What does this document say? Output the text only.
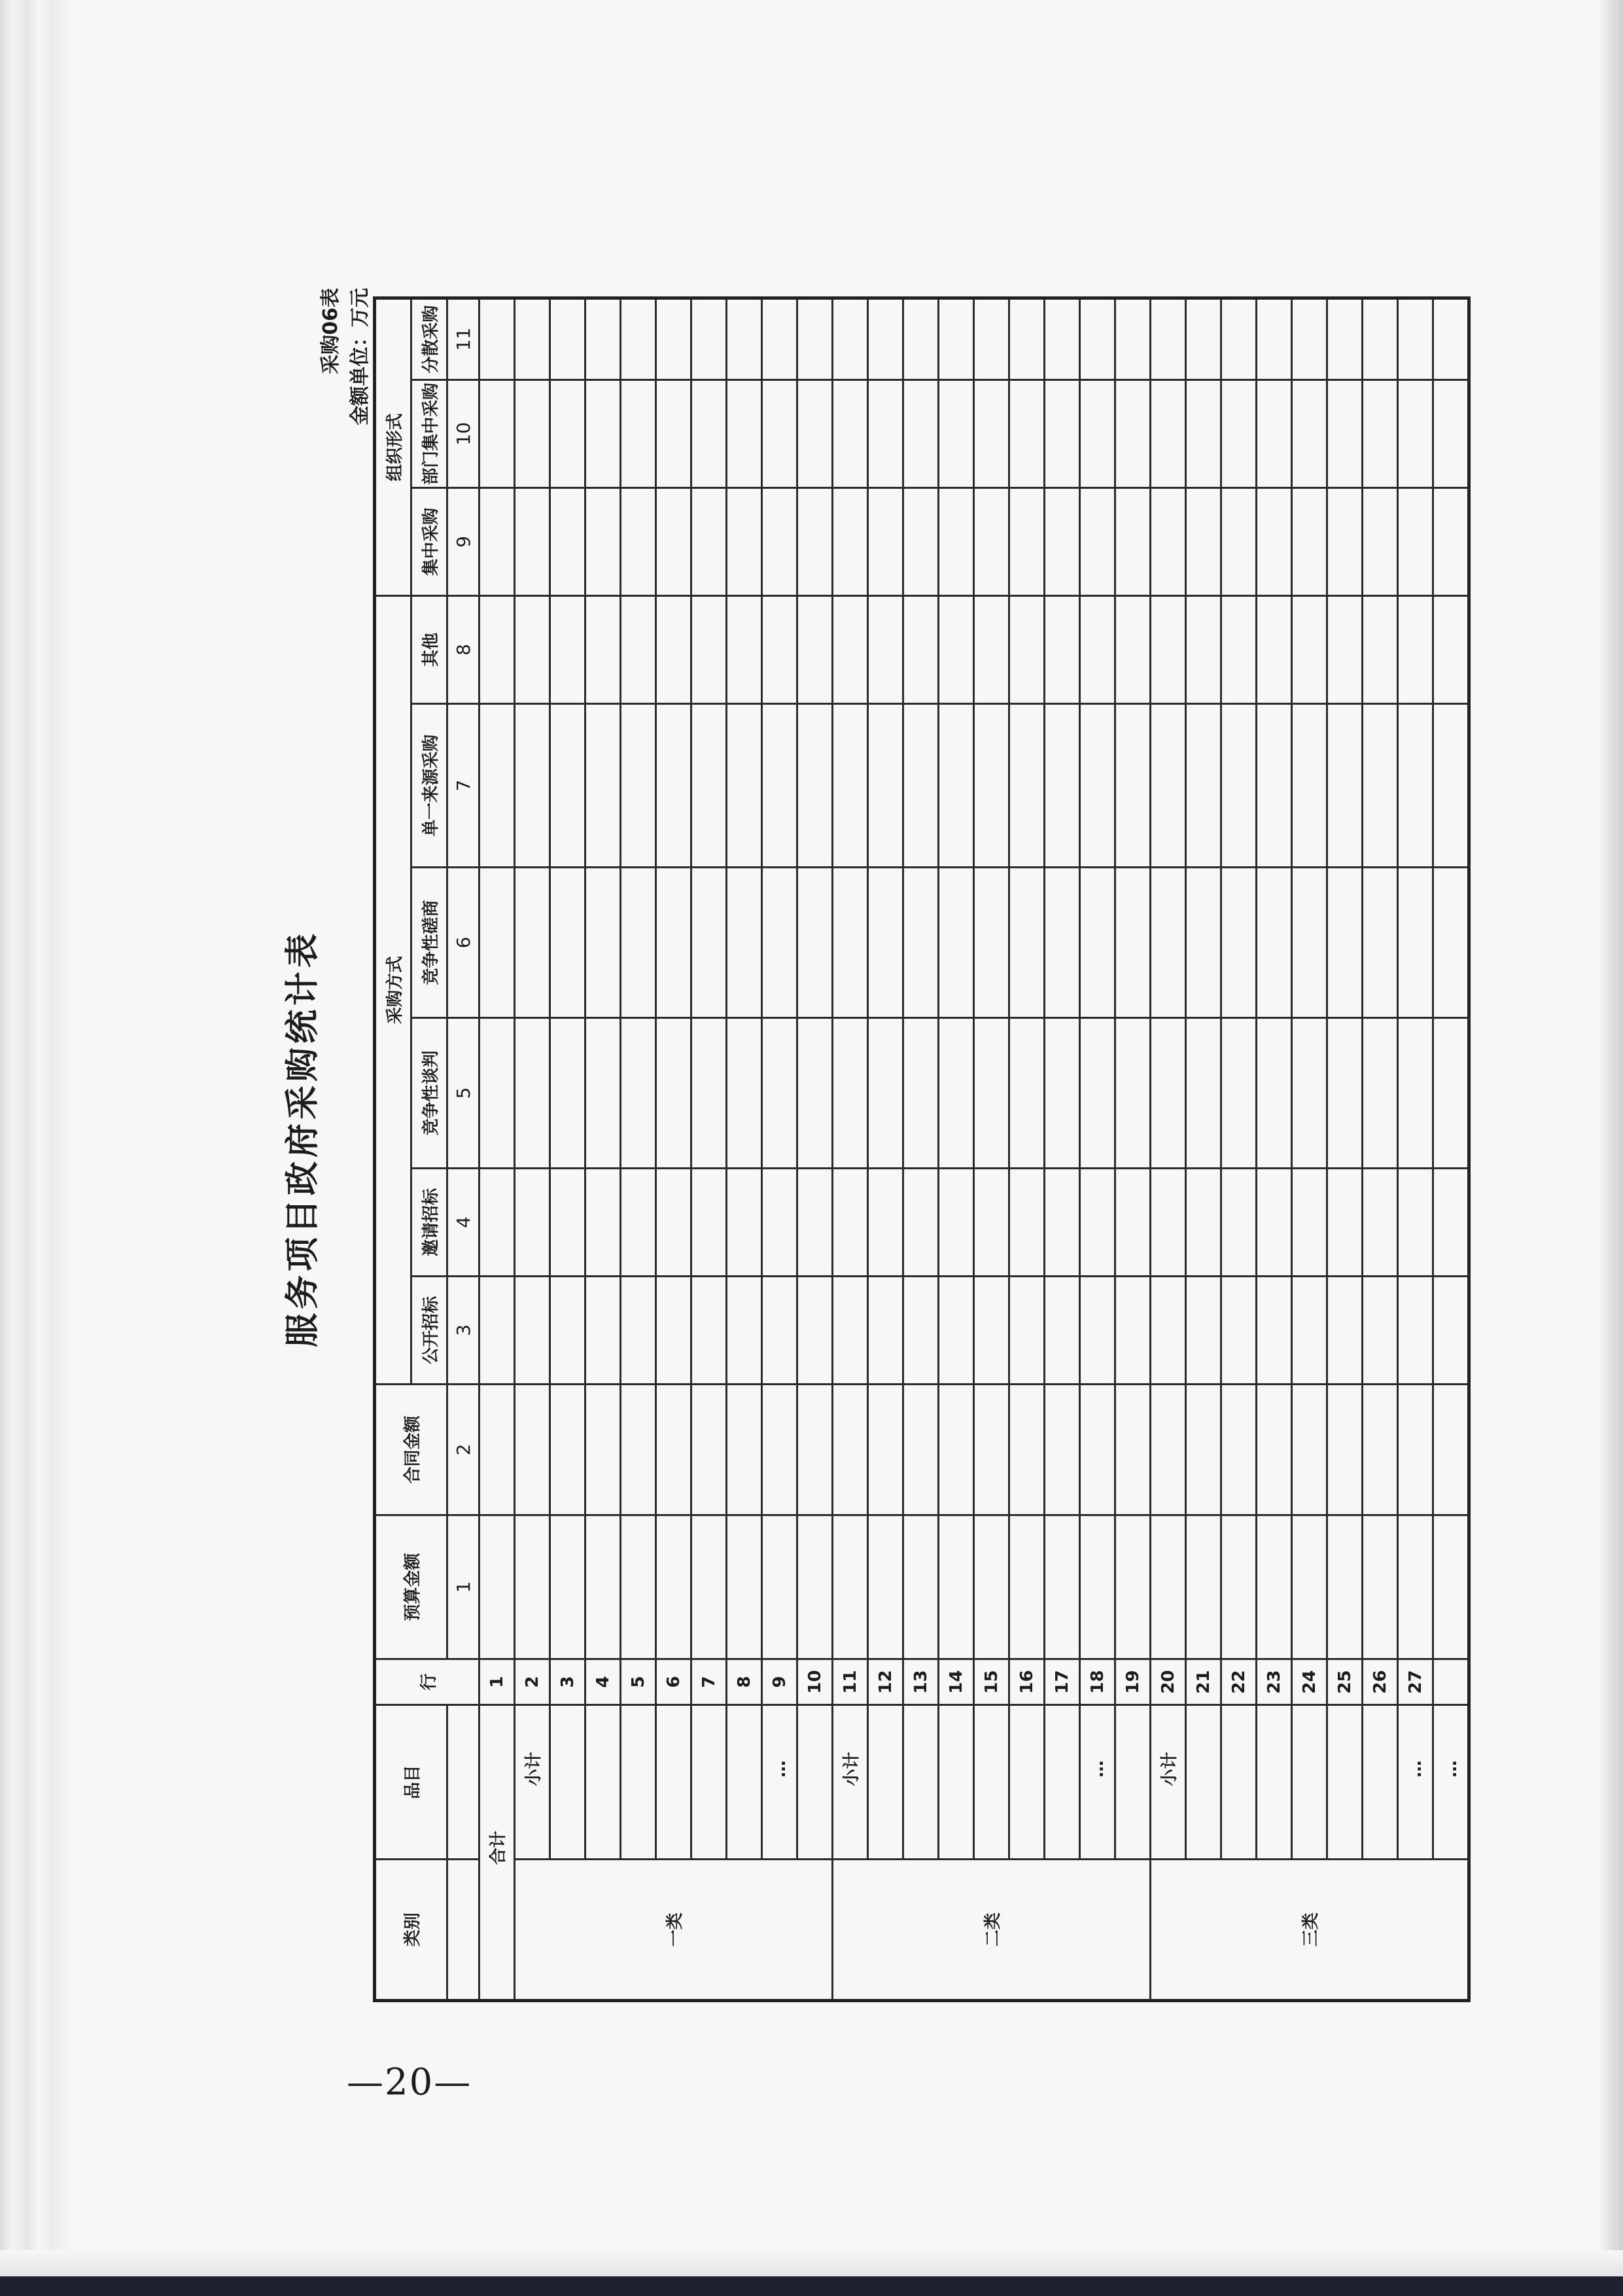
服务项目政府采购统计表
采购06表 金额单位：万元
类别	品目	行	预算金额	合同金额	采购方式						组织形式		
					公开招标	邀请招标	竞争性谈判	竞争性磋商	单一来源采购	其他	集中采购	部门集中采购	分散采购
			1	2	3	4	5	6	7	8	9	10	11
合计		1											
一类	小计	2											
		3											
		4											
		5											
		6											
		7											
		8											
	…	9											
		10											
二类	小计	11											
		12											
		13											
		14											
		15											
		16											
		17											
	…	18											
		19											
三类	小计	20											
		21											
		22											
		23											
		24											
		25											
		26											
	…	27											
	…												
—20—
